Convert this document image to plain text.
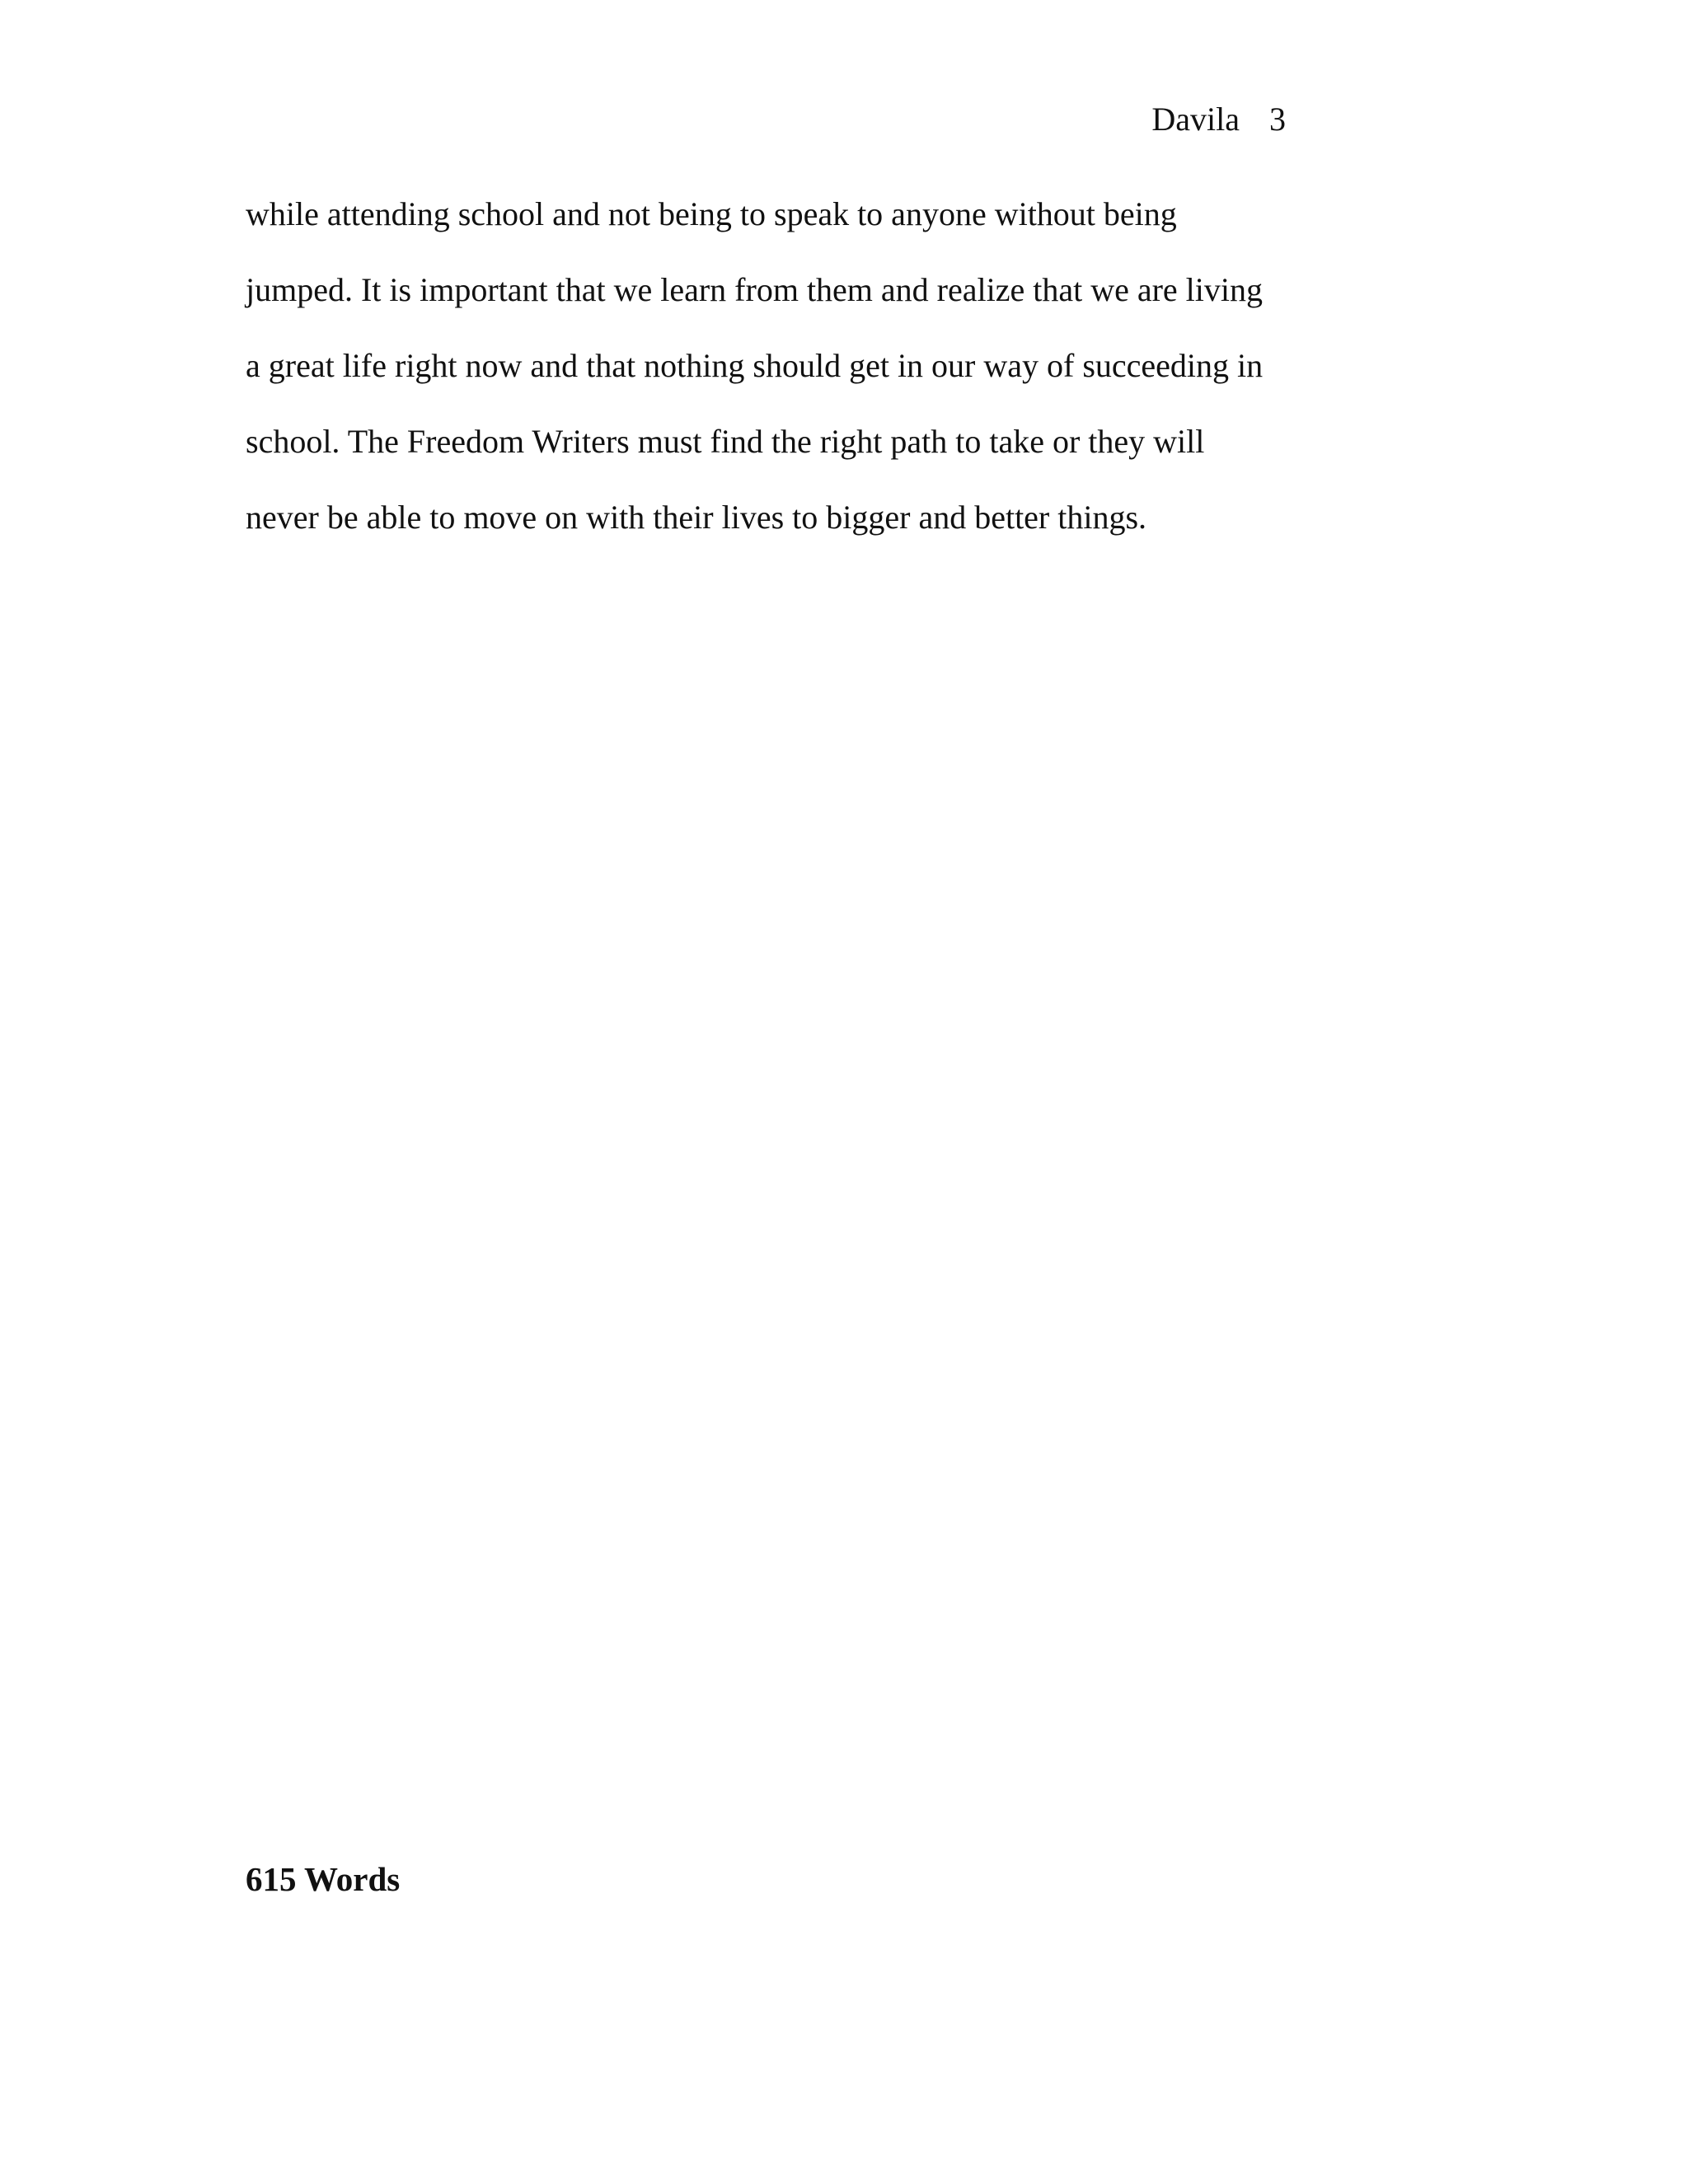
Davila 3
while attending school and not being to speak to anyone without being
jumped. It is important that we learn from them and realize that we are living
a great life right now and that nothing should get in our way of succeeding in
school. The Freedom Writers must find the right path to take or they will
never be able to move on with their lives to bigger and better things.
615 Words
